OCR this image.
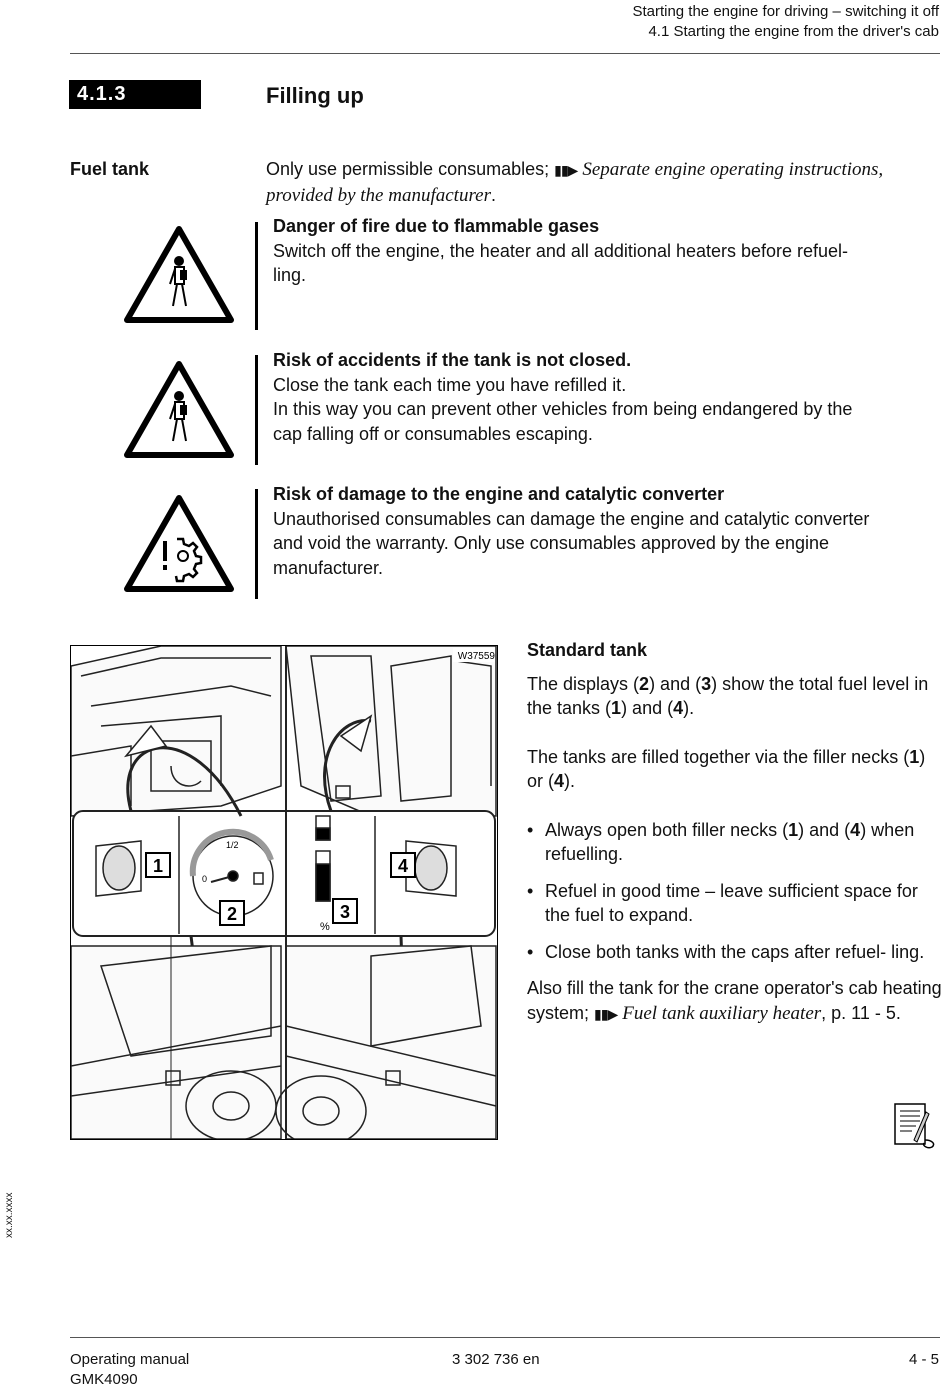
Starting the engine for driving – switching it off
4.1 Starting the engine from the driver's cab
4.1.3	Filling up
Fuel tank	Only use permissible consumables; ▮▮▶ Separate engine operating instructions,
provided by the manufacturer.
Danger of fire due to flammable gases
Switch off the engine, the heater and all additional heaters before refuel-
ling.
Risk of accidents if the tank is not closed.
Close the tank each time you have refilled it.
In this way you can prevent other vehicles from being endangered by the
cap falling off or consumables escaping.
Risk of damage to the engine and catalytic converter
Unauthorised consumables can damage the engine and catalytic converter
and void the warranty. Only use consumables approved by the engine
manufacturer.
1
2	3
4
1/2
0
%
W37559 Standard tank
The displays (2) and (3) show the total fuel level in the tanks (1) and (4).
The tanks are filled together via the filler necks (1) or (4).
• Always open both filler necks (1) and (4) when refuelling.
• Refuel in good time – leave sufficient space for the fuel to expand.
• Close both tanks with the caps after refuel- ling.
Also fill the tank for the crane operator's cab heating system; ▮▮▶ Fuel tank auxiliary heater, p. 11 - 5.
xx.xx.xxxx
Operating manual
GMK4090
3 302 736 en	4 - 5
